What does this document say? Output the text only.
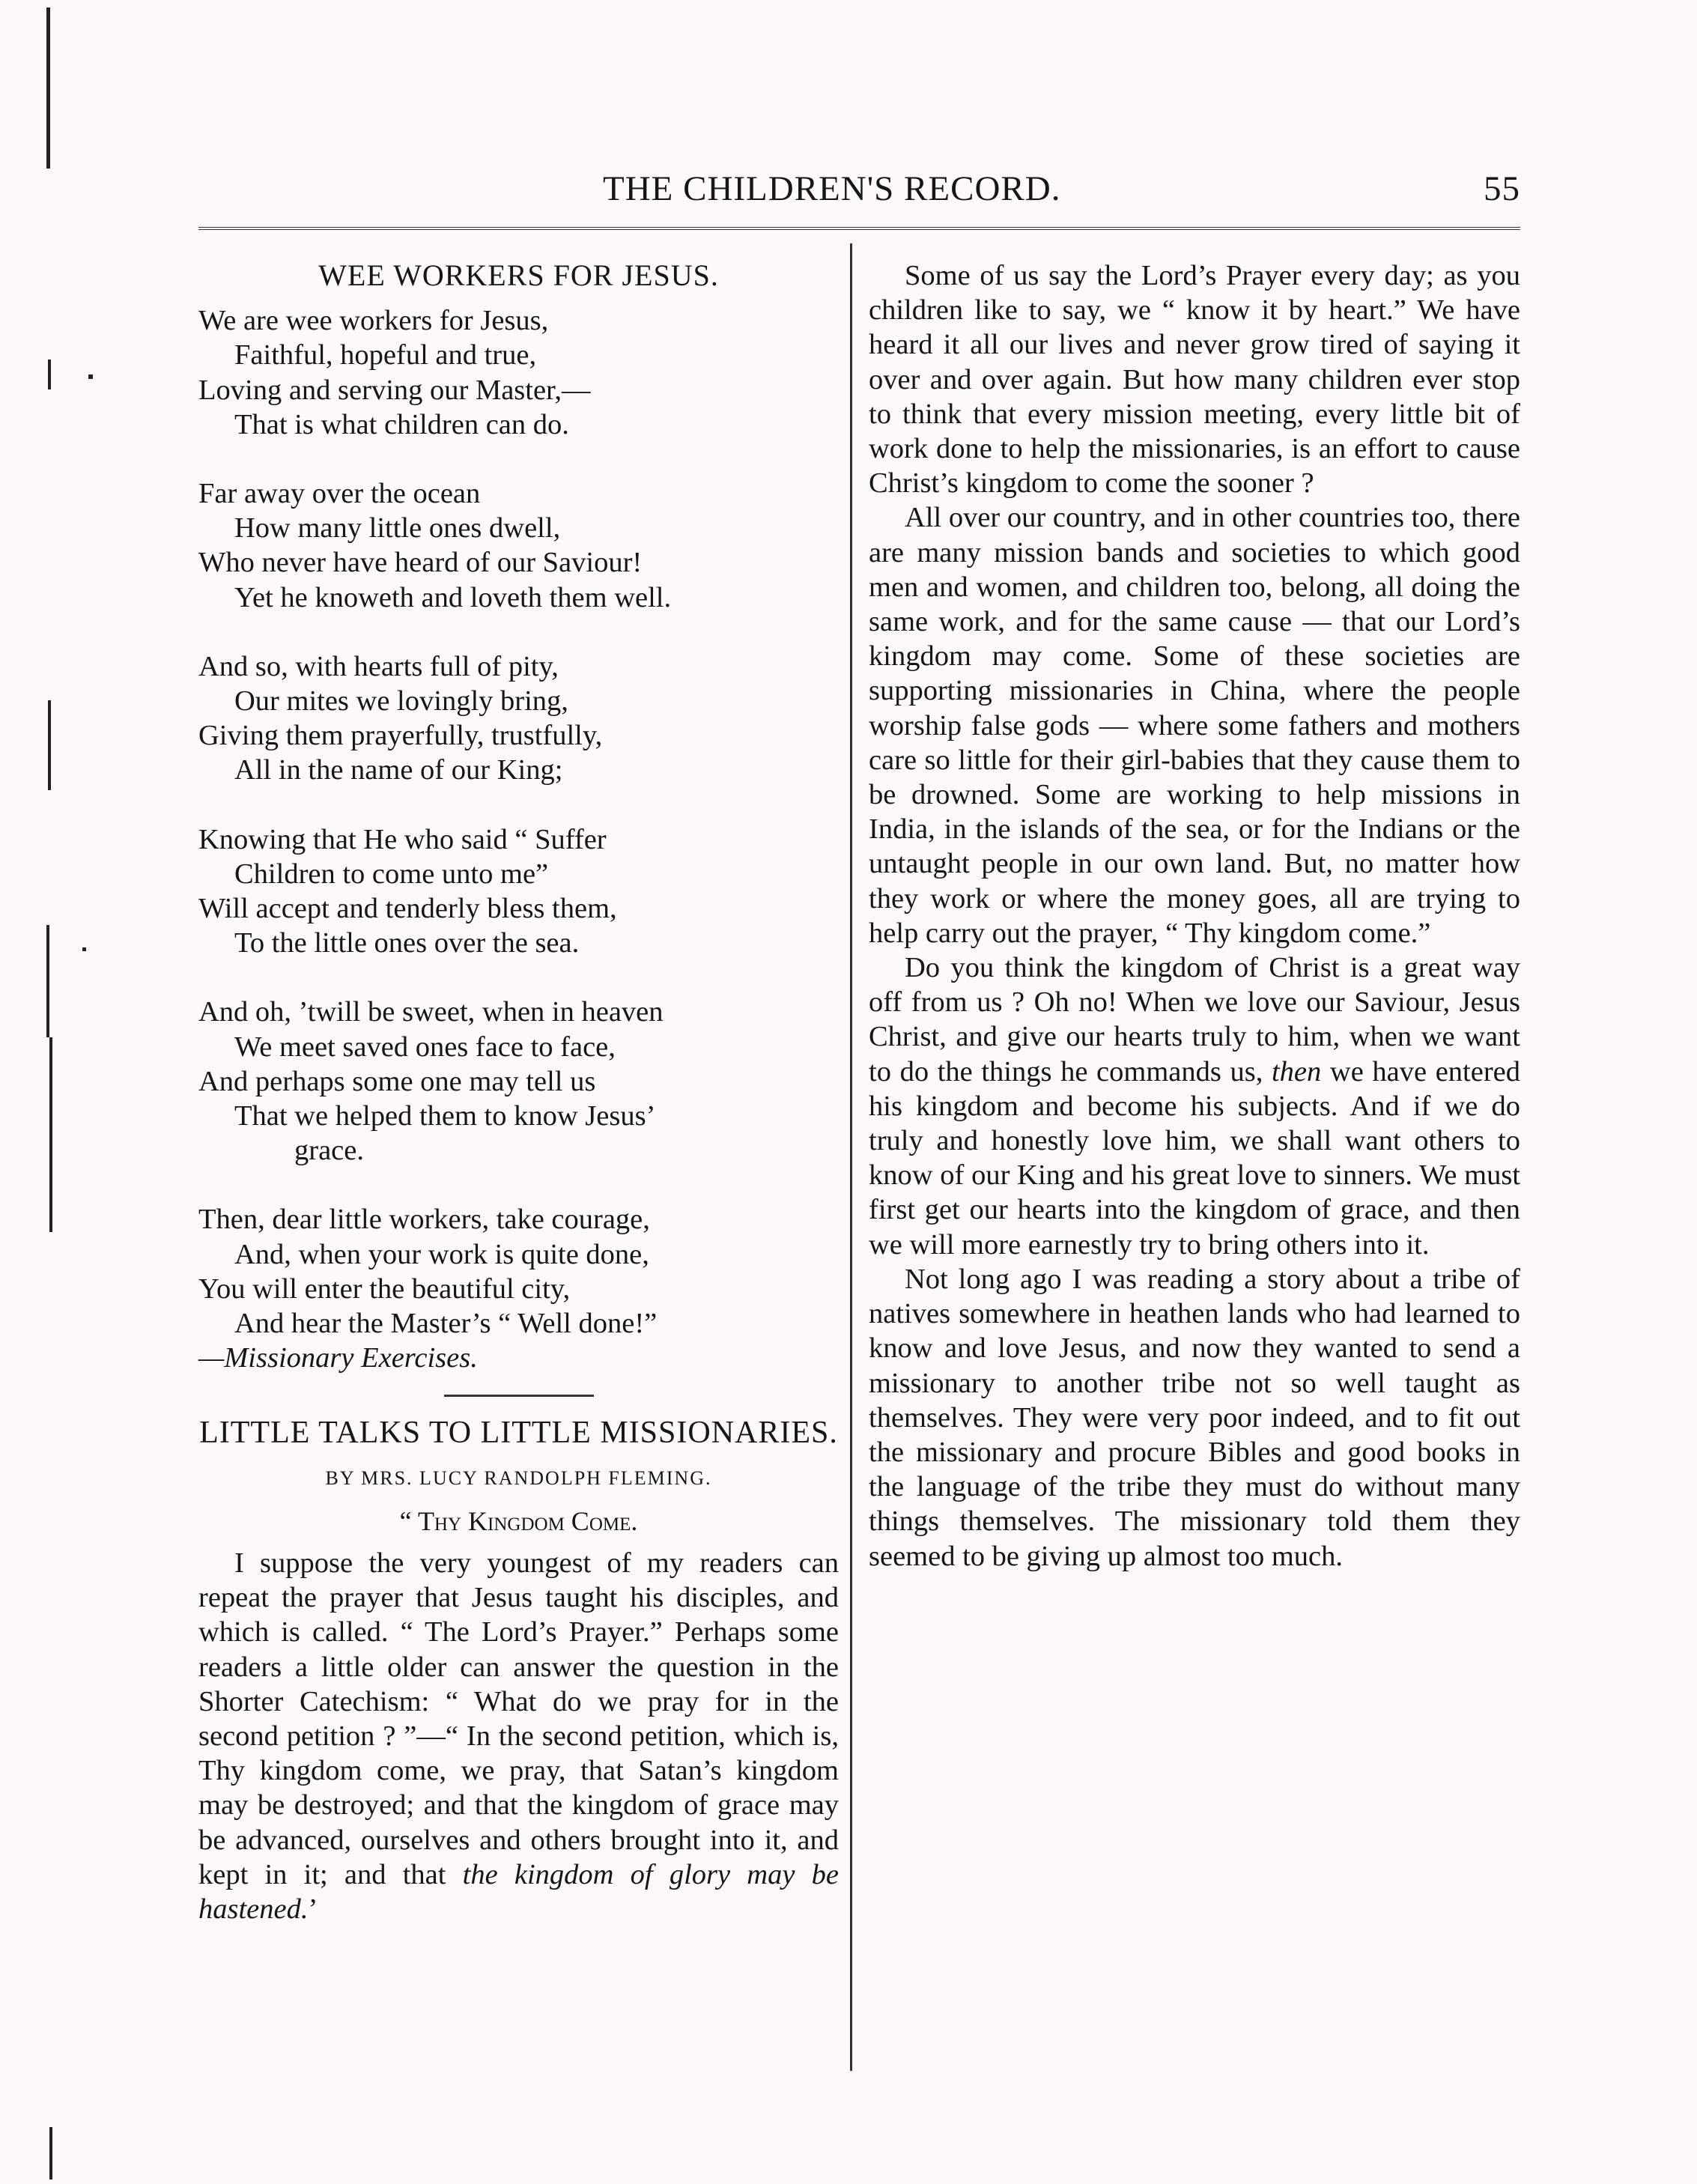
THE CHILDREN'S RECORD.	55
WEE WORKERS FOR JESUS.
We are wee workers for Jesus,
Faithful, hopeful and true,
Loving and serving our Master,—
That is what children can do.
Far away over the ocean
How many little ones dwell,
Who never have heard of our Saviour!
Yet he knoweth and loveth them well.
And so, with hearts full of pity,
Our mites we lovingly bring,
Giving them prayerfully, trustfully,
All in the name of our King;
Knowing that He who said “ Suffer
Children to come unto me”
Will accept and tenderly bless them,
To the little ones over the sea.
And oh, ’twill be sweet, when in heaven
We meet saved ones face to face,
And perhaps some one may tell us
That we helped them to know Jesus’
grace.
Then, dear little workers, take courage,
And, when your work is quite done,
You will enter the beautiful city,
And hear the Master’s “ Well done!”
—Missionary Exercises.
LITTLE TALKS TO LITTLE MISSIONARIES.
BY MRS. LUCY RANDOLPH FLEMING.
“ Thy Kingdom Come.
I suppose the very youngest of my readers can repeat the prayer that Jesus taught his disciples, and which is called. “ The Lord’s Prayer.” Perhaps some readers a little older can answer the question in the Shorter Catechism: “ What do we pray for in the second petition ? ”—“ In the second petition, which is, Thy kingdom come, we pray, that Satan’s kingdom may be destroyed; and that the kingdom of grace may be advanced, ourselves and others brought into it, and kept in it; and that the kingdom of glory may be hastened.’
Some of us say the Lord’s Prayer every day; as you children like to say, we “ know it by heart.” We have heard it all our lives and never grow tired of saying it over and over again. But how many children ever stop to think that every mission meeting, every little bit of work done to help the missionaries, is an effort to cause Christ’s kingdom to come the sooner ?
All over our country, and in other countries too, there are many mission bands and societies to which good men and women, and children too, belong, all doing the same work, and for the same cause — that our Lord’s kingdom may come. Some of these societies are supporting missionaries in China, where the people worship false gods — where some fathers and mothers care so little for their girl-babies that they cause them to be drowned. Some are working to help missions in India, in the islands of the sea, or for the Indians or the untaught people in our own land. But, no matter how they work or where the money goes, all are trying to help carry out the prayer, “ Thy kingdom come.”
Do you think the kingdom of Christ is a great way off from us ? Oh no! When we love our Saviour, Jesus Christ, and give our hearts truly to him, when we want to do the things he commands us, then we have entered his kingdom and become his subjects. And if we do truly and honestly love him, we shall want others to know of our King and his great love to sinners. We must first get our hearts into the kingdom of grace, and then we will more earnestly try to bring others into it.
Not long ago I was reading a story about a tribe of natives somewhere in heathen lands who had learned to know and love Jesus, and now they wanted to send a missionary to another tribe not so well taught as themselves. They were very poor indeed, and to fit out the missionary and procure Bibles and good books in the language of the tribe they must do without many things themselves. The missionary told them they seemed to be giving up almost too much.
